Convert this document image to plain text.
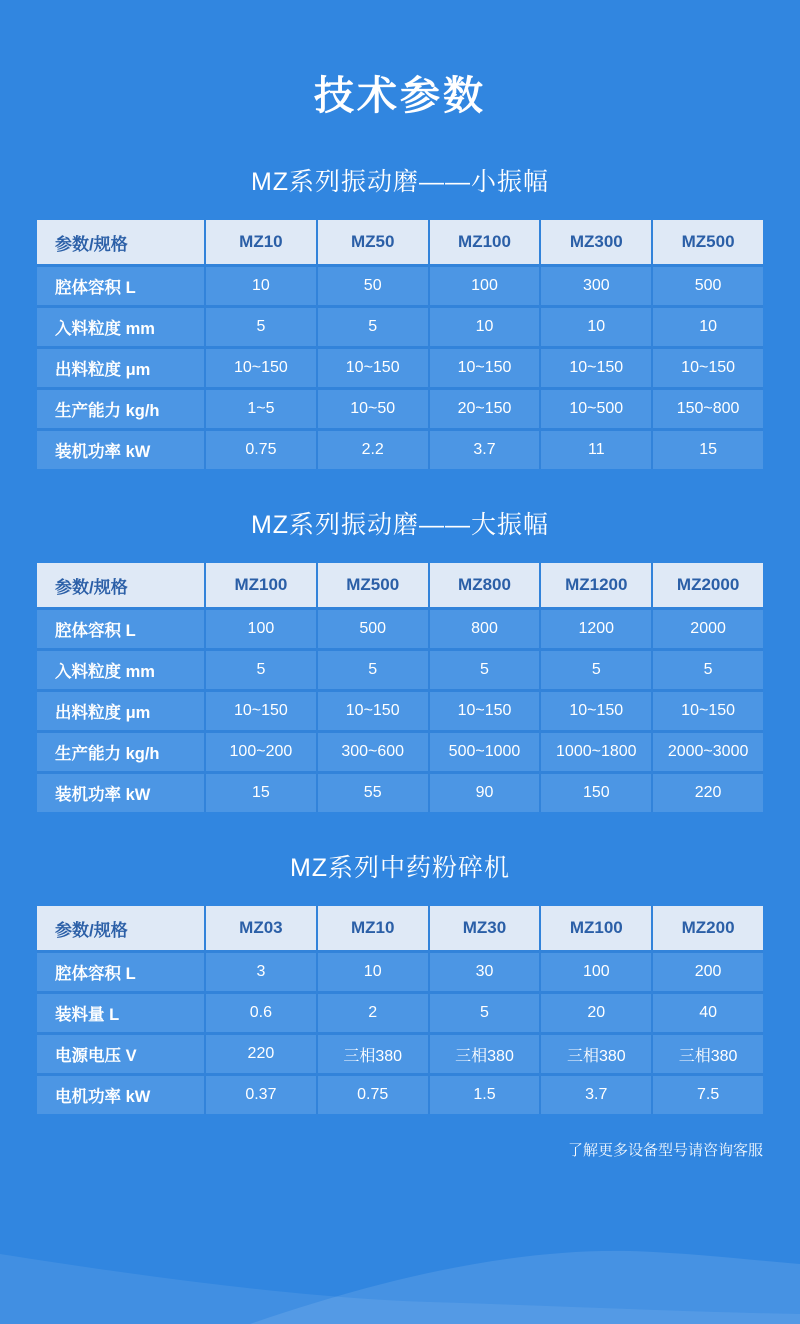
技术参数
MZ系列振动磨——小振幅
参数/规格	MZ10	MZ50	MZ100	MZ300	MZ500
腔体容积 L	10	50	100	300	500
入料粒度 mm	5	5	10	10	10
出料粒度 μm	10~150	10~150	10~150	10~150	10~150
生产能力 kg/h	1~5	10~50	20~150	10~500	150~800
装机功率 kW	0.75	2.2	3.7	11	15
MZ系列振动磨——大振幅
参数/规格	MZ100	MZ500	MZ800	MZ1200	MZ2000
腔体容积 L	100	500	800	1200	2000
入料粒度 mm	5	5	5	5	5
出料粒度 μm	10~150	10~150	10~150	10~150	10~150
生产能力 kg/h	100~200	300~600	500~1000	1000~1800	2000~3000
装机功率 kW	15	55	90	150	220
MZ系列中药粉碎机
参数/规格	MZ03	MZ10	MZ30	MZ100	MZ200
腔体容积 L	3	10	30	100	200
装料量 L	0.6	2	5	20	40
电源电压 V	220	三相380	三相380	三相380	三相380
电机功率 kW	0.37	0.75	1.5	3.7	7.5
了解更多设备型号请咨询客服
